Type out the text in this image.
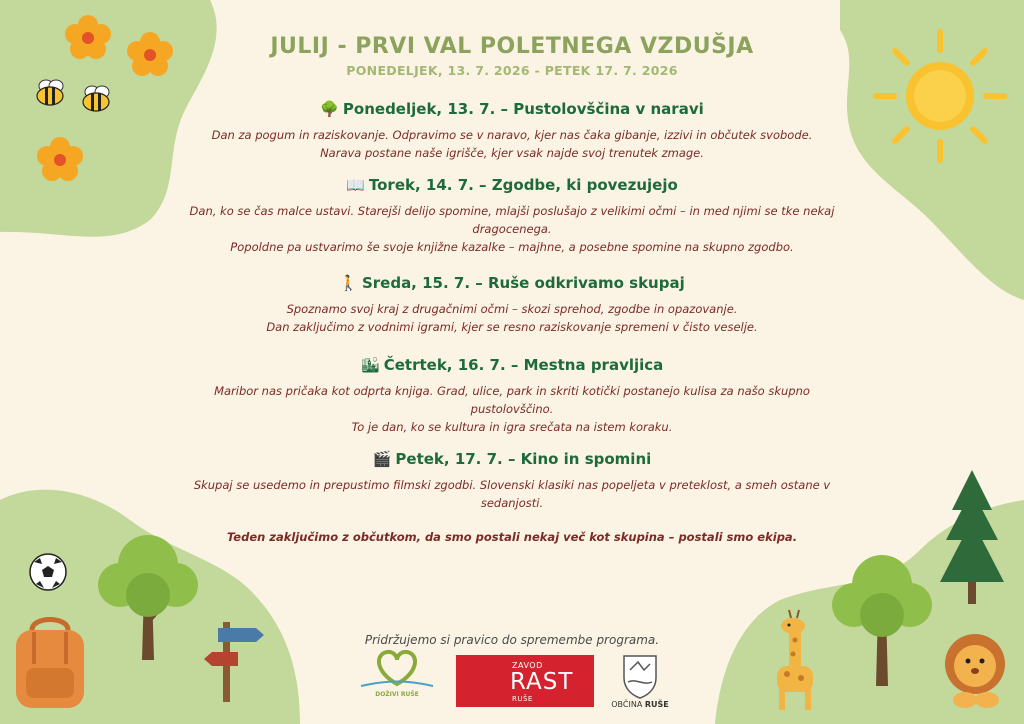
JULIJ - PRVI VAL POLETNEGA VZDUŠJA
PONEDELJEK, 13. 7. 2026 - PETEK 17. 7. 2026
🌳 Ponedeljek, 13. 7. – Pustolovščina v naravi
Dan za pogum in raziskovanje. Odpravimo se v naravo, kjer nas čaka gibanje, izzivi in občutek svobode.
Narava postane naše igrišče, kjer vsak najde svoj trenutek zmage.
📖 Torek, 14. 7. – Zgodbe, ki povezujejo
Dan, ko se čas malce ustavi. Starejši delijo spomine, mlajši poslušajo z velikimi očmi – in med njimi se tke nekaj
dragocenega.
Popoldne pa ustvarimo še svoje knjižne kazalke – majhne, a posebne spomine na skupno zgodbo.
🚶 Sreda, 15. 7. – Ruše odkrivamo skupaj
Spoznamo svoj kraj z drugačnimi očmi – skozi sprehod, zgodbe in opazovanje.
Dan zaključimo z vodnimi igrami, kjer se resno raziskovanje spremeni v čisto veselje.
🏙 Četrtek, 16. 7. – Mestna pravljica
Maribor nas pričaka kot odprta knjiga. Grad, ulice, park in skriti kotički postanejo kulisa za našo skupno
pustolovščino.
To je dan, ko se kultura in igra srečata na istem koraku.
🎬 Petek, 17. 7. – Kino in spomini
Skupaj se usedemo in prepustimo filmski zgodbi. Slovenski klasiki nas popeljeta v preteklost, a smeh ostane v
sedanjosti.
Teden zaključimo z občutkom, da smo postali nekaj več kot skupina – postali smo ekipa.
Pridržujemo si pravico do spremembe programa.
DOŽIVI RUŠE
ZAVOD
RAST
RUŠE
OBČINA RUŠE
